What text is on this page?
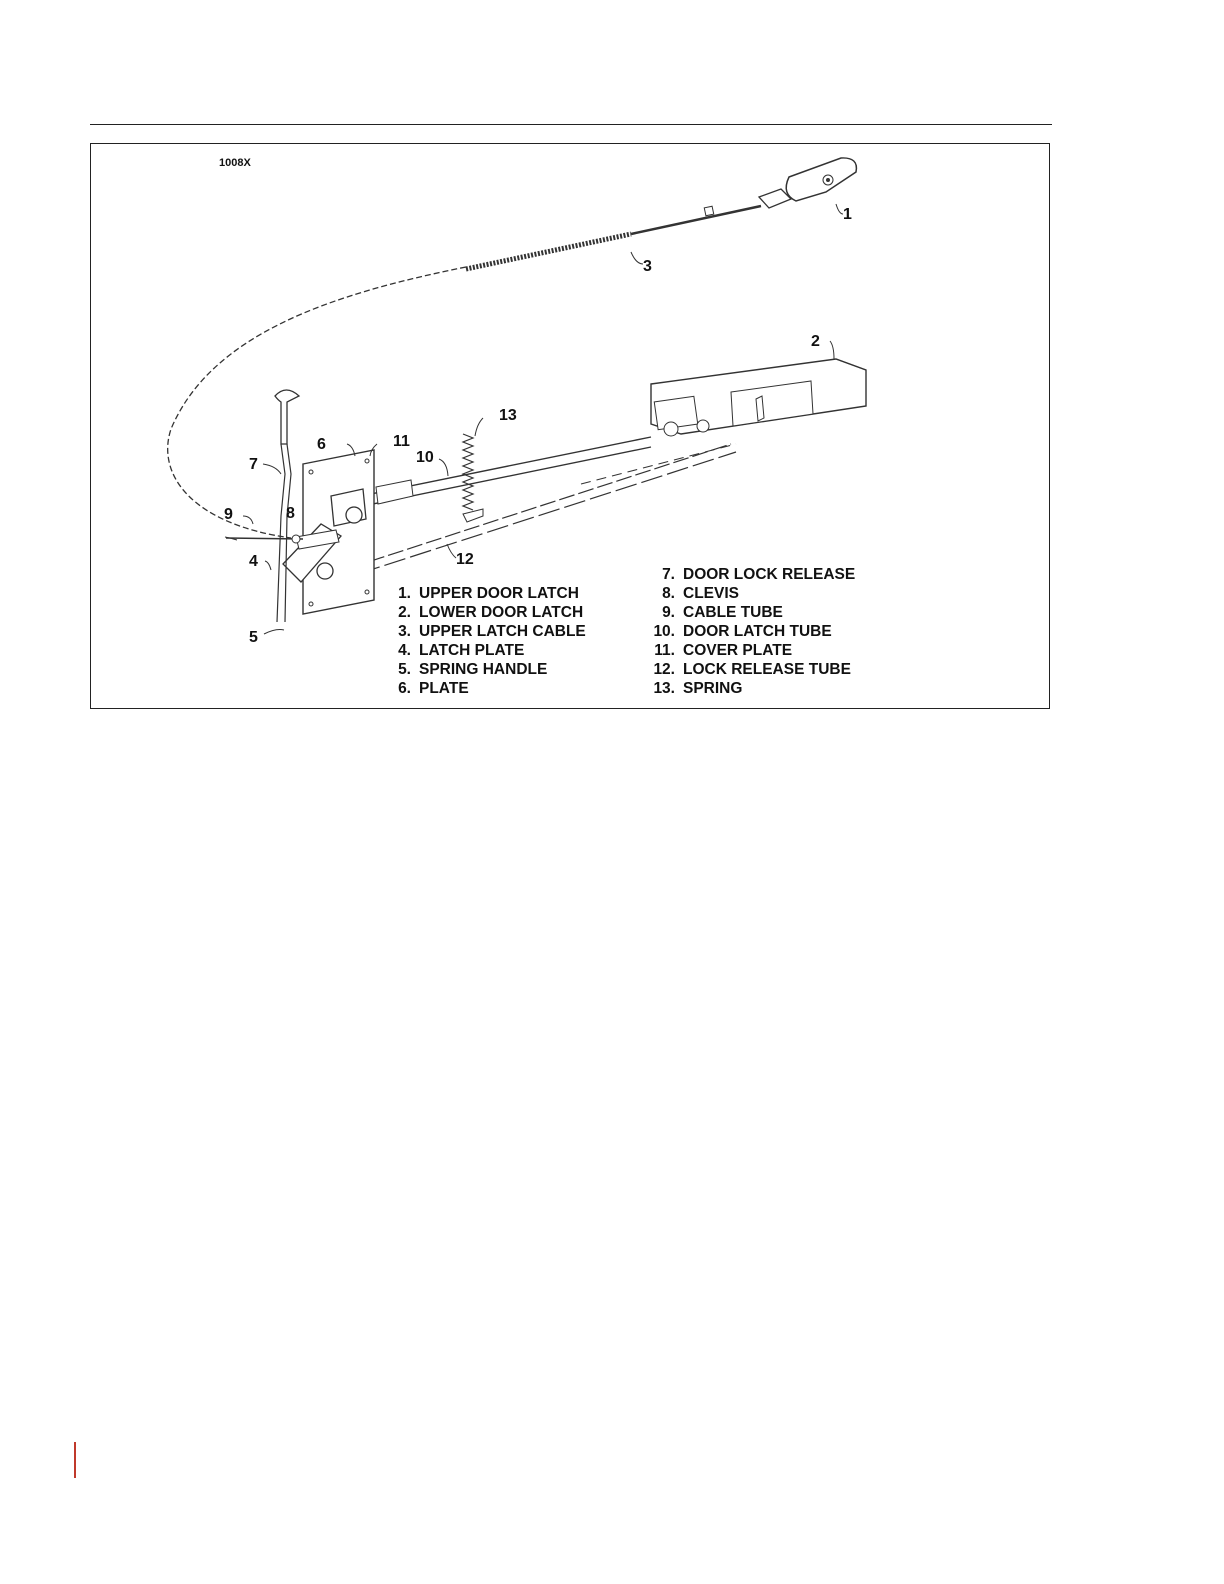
1008X
1
2
3
4
5
6
7
8
9
10
11
12
13
1. UPPER DOOR LATCH
2. LOWER DOOR LATCH
3. UPPER LATCH CABLE
4. LATCH PLATE
5. SPRING HANDLE
6. PLATE
7. DOOR LOCK RELEASE
8. CLEVIS
9. CABLE TUBE
10. DOOR LATCH TUBE
11. COVER PLATE
12. LOCK RELEASE TUBE
13. SPRING
